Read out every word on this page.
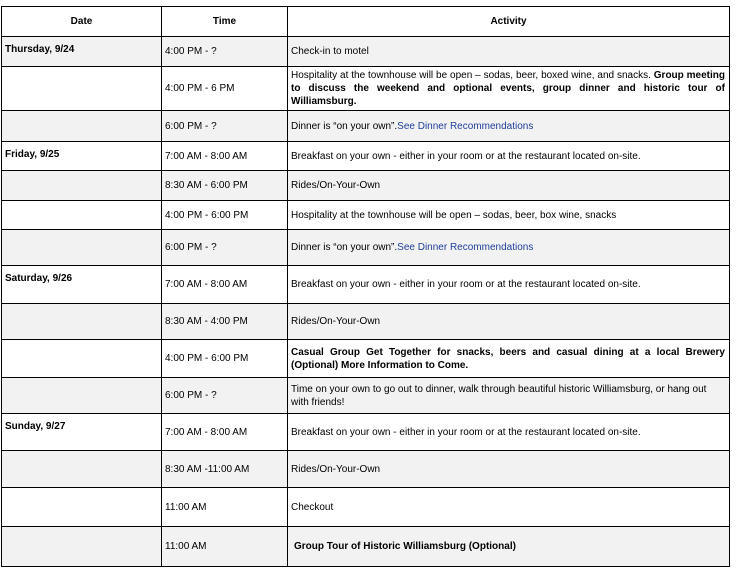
Date	Time	Activity
Thursday, 9/24	4:00 PM - ?	Check-in to motel
	4:00 PM - 6 PM	Hospitality at the townhouse will be open – sodas, beer, boxed wine, and snacks. Group meeting to discuss the weekend and optional events, group dinner and historic tour of Williamsburg.
	6:00 PM - ?	Dinner is “on your own”.See Dinner Recommendations
Friday, 9/25	7:00 AM - 8:00 AM	Breakfast on your own - either in your room or at the restaurant located on-site.
	8:30 AM - 6:00 PM	Rides/On-Your-Own
	4:00 PM - 6:00 PM	Hospitality at the townhouse will be open – sodas, beer, box wine, snacks
	6:00 PM - ?	Dinner is “on your own”.See Dinner Recommendations
Saturday, 9/26	7:00 AM - 8:00 AM	Breakfast on your own - either in your room or at the restaurant located on-site.
	8:30 AM - 4:00 PM	Rides/On-Your-Own
	4:00 PM - 6:00 PM	Casual Group Get Together for snacks, beers and casual dining at a local Brewery (Optional) More Information to Come.
	6:00 PM - ?	Time on your own to go out to dinner, walk through beautiful historic Williamsburg, or hang out with friends!
Sunday, 9/27	7:00 AM - 8:00 AM	Breakfast on your own - either in your room or at the restaurant located on-site.
	8:30 AM -11:00 AM	Rides/On-Your-Own
	11:00 AM	Checkout
	11:00 AM	Group Tour of Historic Williamsburg (Optional)
